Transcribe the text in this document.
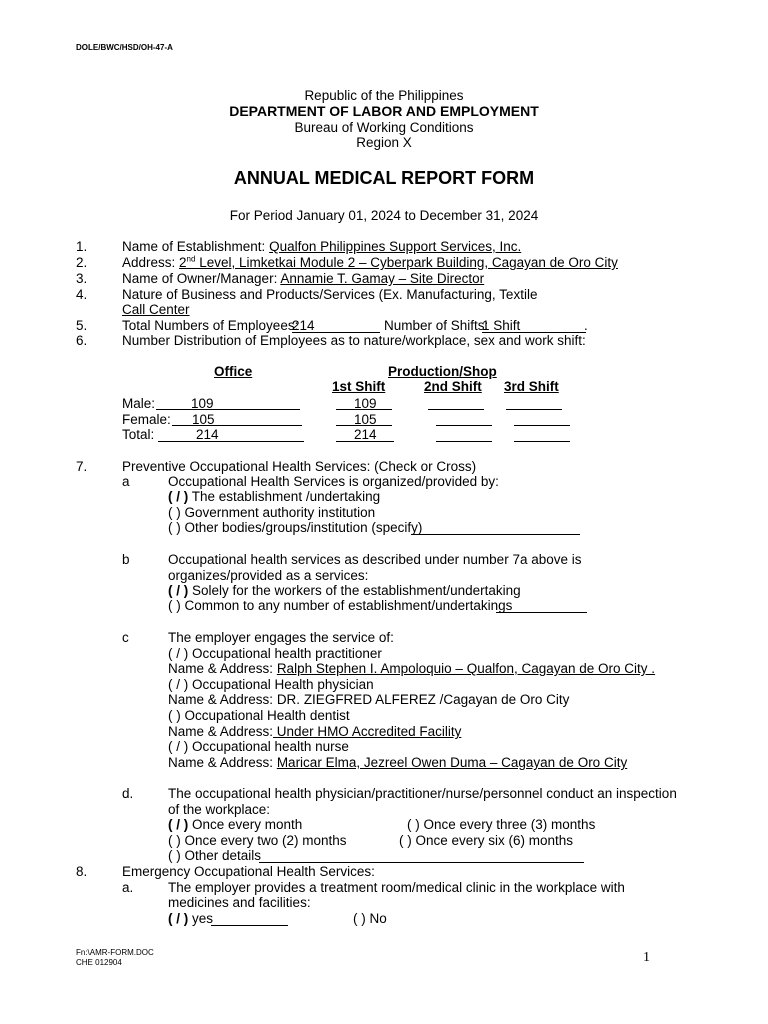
DOLE/BWC/HSD/OH-47-A
Republic of the Philippines
DEPARTMENT OF LABOR AND EMPLOYMENT
Bureau of Working Conditions
Region X
ANNUAL MEDICAL REPORT FORM
For Period January 01, 2024 to December 31, 2024
1.	Name of Establishment: Qualfon Philippines Support Services, Inc.
2.	Address: 2nd Level, Limketkai Module 2 – Cyberpark Building, Cagayan de Oro City
3.	Name of Owner/Manager: Annamie T. Gamay – Site Director
4.	Nature of Business and Products/Services (Ex. Manufacturing, Textile
Call Center
5.	Total Numbers of Employees:
214	Number of Shifts:
1 Shift	.
6.	Number Distribution of Employees as to nature/workplace, sex and work shift:
Office	Production/Shop
1st Shift	2nd Shift 3rd Shift
Male:	109	109
Female: 105	105
Total:	214	214
7.	Preventive Occupational Health Services: (Check or Cross)
a	Occupational Health Services is organized/provided by:
( / ) The establishment /undertaking
( ) Government authority institution
( ) Other bodies/groups/institution (specify)
b	Occupational health services as described under number 7a above is
organizes/provided as a services:
( / ) Solely for the workers of the establishment/undertaking
( ) Common to any number of establishment/undertakings
c	The employer engages the service of:
( / ) Occupational health practitioner
Name & Address: Ralph Stephen I. Ampoloquio – Qualfon, Cagayan de Oro City .
( / ) Occupational Health physician
Name & Address: DR. ZIEGFRED ALFEREZ /Cagayan de Oro City
( ) Occupational Health dentist
Name & Address: Under HMO Accredited Facility
( / ) Occupational health nurse
Name & Address: Maricar Elma, Jezreel Owen Duma – Cagayan de Oro City
d.	The occupational health physician/practitioner/nurse/personnel conduct an inspection
of the workplace:
( / ) Once every month	( ) Once every three (3) months
( ) Once every two (2) months	( ) Once every six (6) months
( ) Other details
8.	Emergency Occupational Health Services:
a.	The employer provides a treatment room/medical clinic in the workplace with
medicines and facilities:
( / ) yes	( ) No
Fn:\AMR-FORM.DOC
CHE 012904	1
